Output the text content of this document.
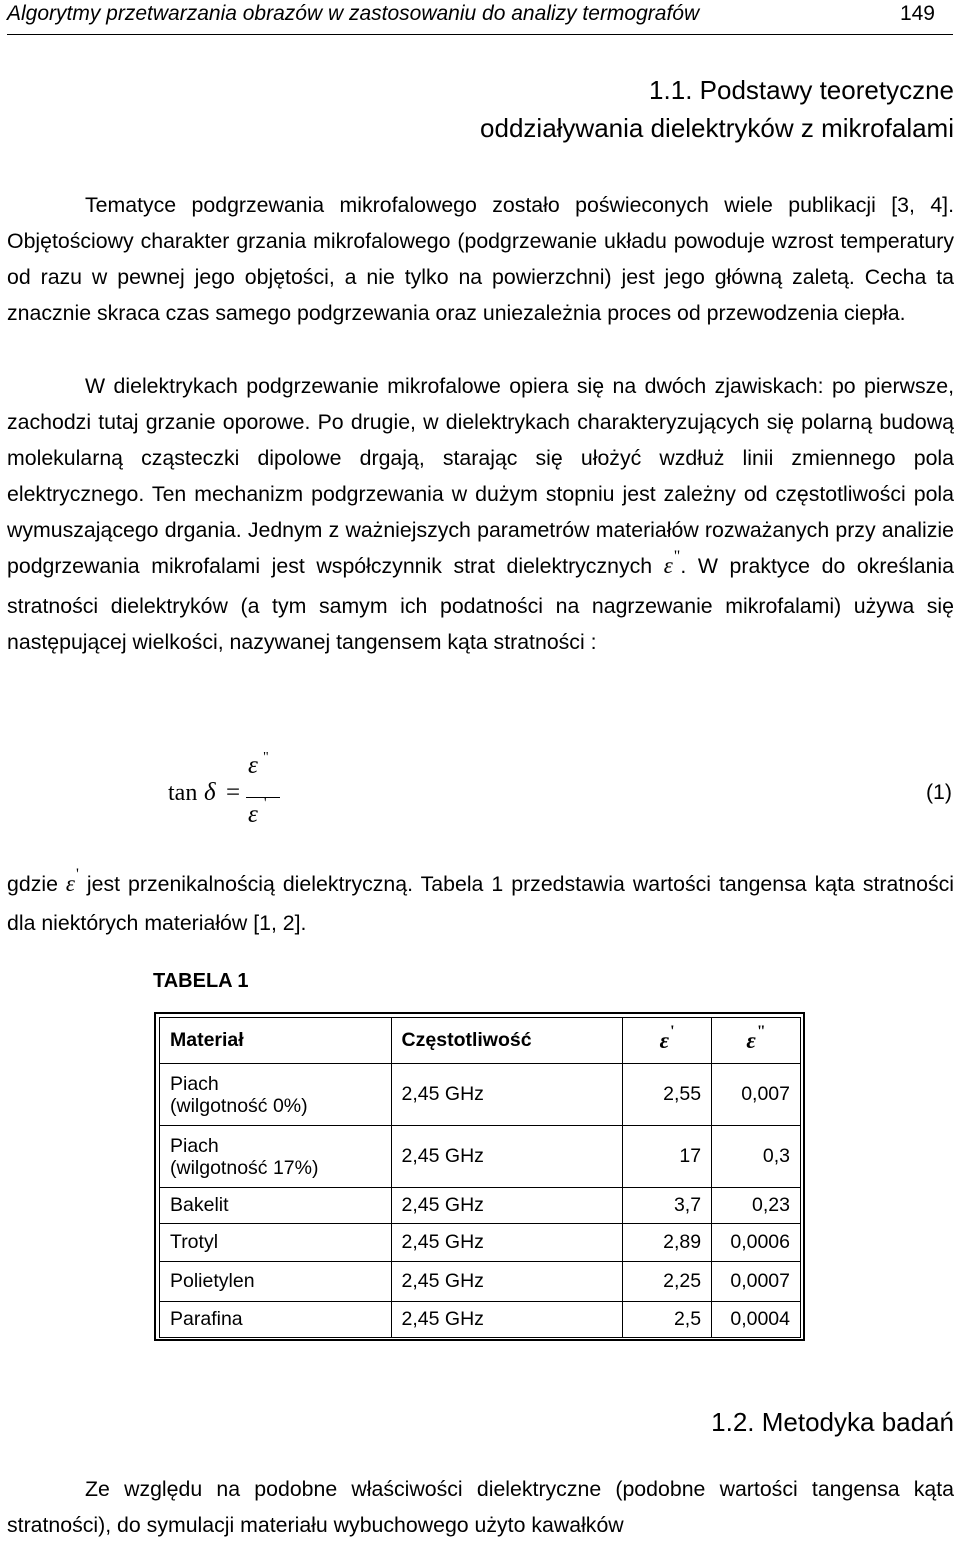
Algorytmy przetwarzania obrazów w zastosowaniu do analizy termografów	149
1.1. Podstawy teoretyczne
oddziaływania dielektryków z mikrofalami

Tematyce podgrzewania mikrofalowego zostało poświeconych wiele publikacji [3, 4]. Objętościowy charakter grzania mikrofalowego (podgrzewanie układu powoduje wzrost temperatury od razu w pewnej jego objętości, a nie tylko na powierzchni) jest jego główną zaletą. Cecha ta znacznie skraca czas samego podgrzewania oraz uniezależnia proces od przewodzenia ciepła.

W dielektrykach podgrzewanie mikrofalowe opiera się na dwóch zjawiskach: po pierwsze, zachodzi tutaj grzanie oporowe. Po drugie, w dielektrykach charakteryzujących się polarną budową molekularną cząsteczki dipolowe drgają, starając się ułożyć wzdłuż linii zmiennego pola elektrycznego. Ten mechanizm podgrzewania w dużym stopniu jest zależny od częstotliwości pola wymuszającego drgania. Jednym z ważniejszych parametrów materiałów rozważanych przy analizie podgrzewania mikrofalami jest współczynnik strat dielektrycznych ε". W praktyce do określania stratności dielektryków (a tym samym ich podatności na nagrzewanie mikrofalami) używa się następującej wielkości, nazywanej tangensem kąta stratności :

tan δ =
ε "
ε '	(1)

gdzie ε' jest przenikalnością dielektryczną. Tabela 1 przedstawia wartości tangensa kąta stratności dla niektórych materiałów [1, 2].

TABELA 1
Materiał	Częstotliwość	ε'	ε"

Piach
(wilgotność 0%)	2,45 GHz	2,55	0,007

Piach
(wilgotność 17%)	2,45 GHz	17	0,3
Bakelit	2,45 GHz	3,7	0,23
Trotyl	2,45 GHz	2,89	0,0006
Polietylen	2,45 GHz	2,25	0,0007
Parafina	2,45 GHz	2,5	0,0004
1.2. Metodyka badań

Ze względu na podobne właściwości dielektryczne (podobne wartości tangensa kąta stratności), do symulacji materiału wybuchowego użyto kawałków
